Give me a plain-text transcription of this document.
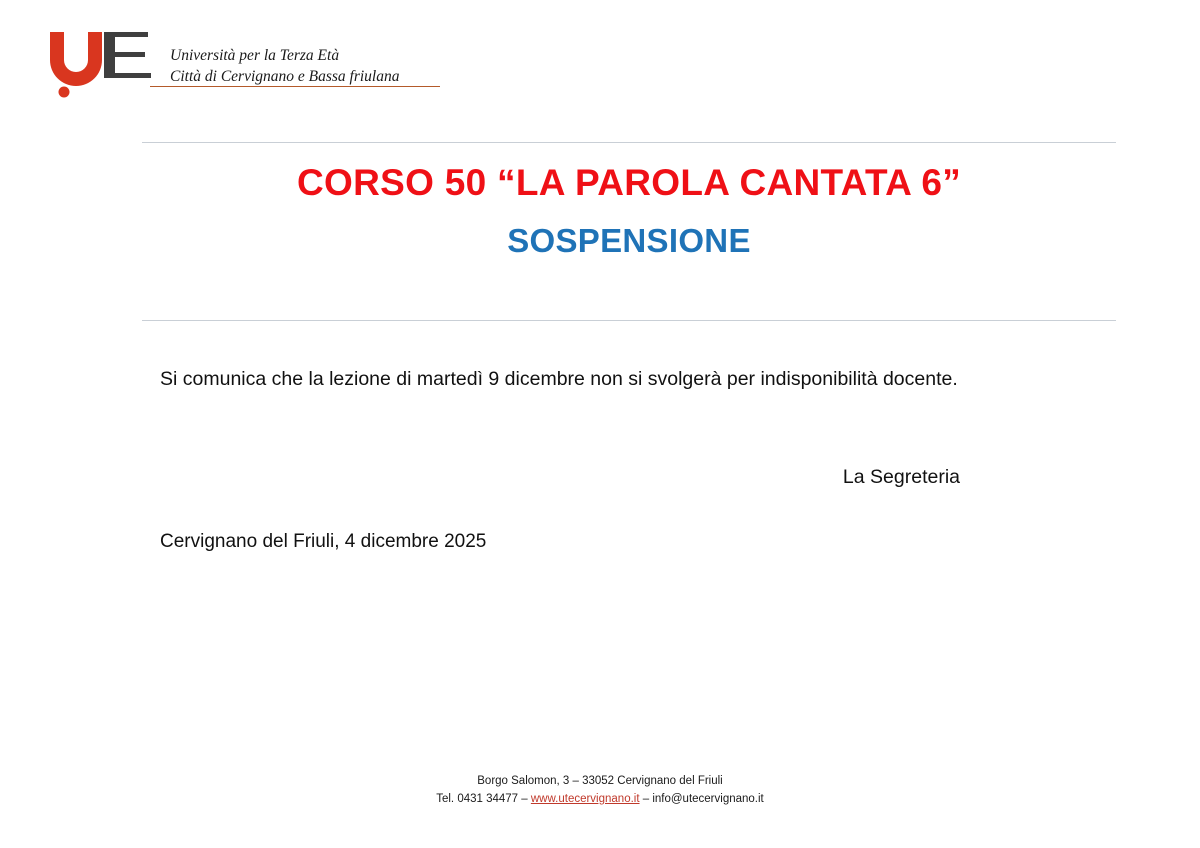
Università per la Terza Età
Città di Cervignano e Bassa friulana
CORSO 50 “LA PAROLA CANTATA 6”
SOSPENSIONE
Si comunica che la lezione di martedì 9 dicembre non si svolgerà per indisponibilità docente.
La Segreteria
Cervignano del Friuli, 4 dicembre 2025
Borgo Salomon, 3 – 33052 Cervignano del Friuli
Tel. 0431 34477 – www.utecervignano.it – info@utecervignano.it
